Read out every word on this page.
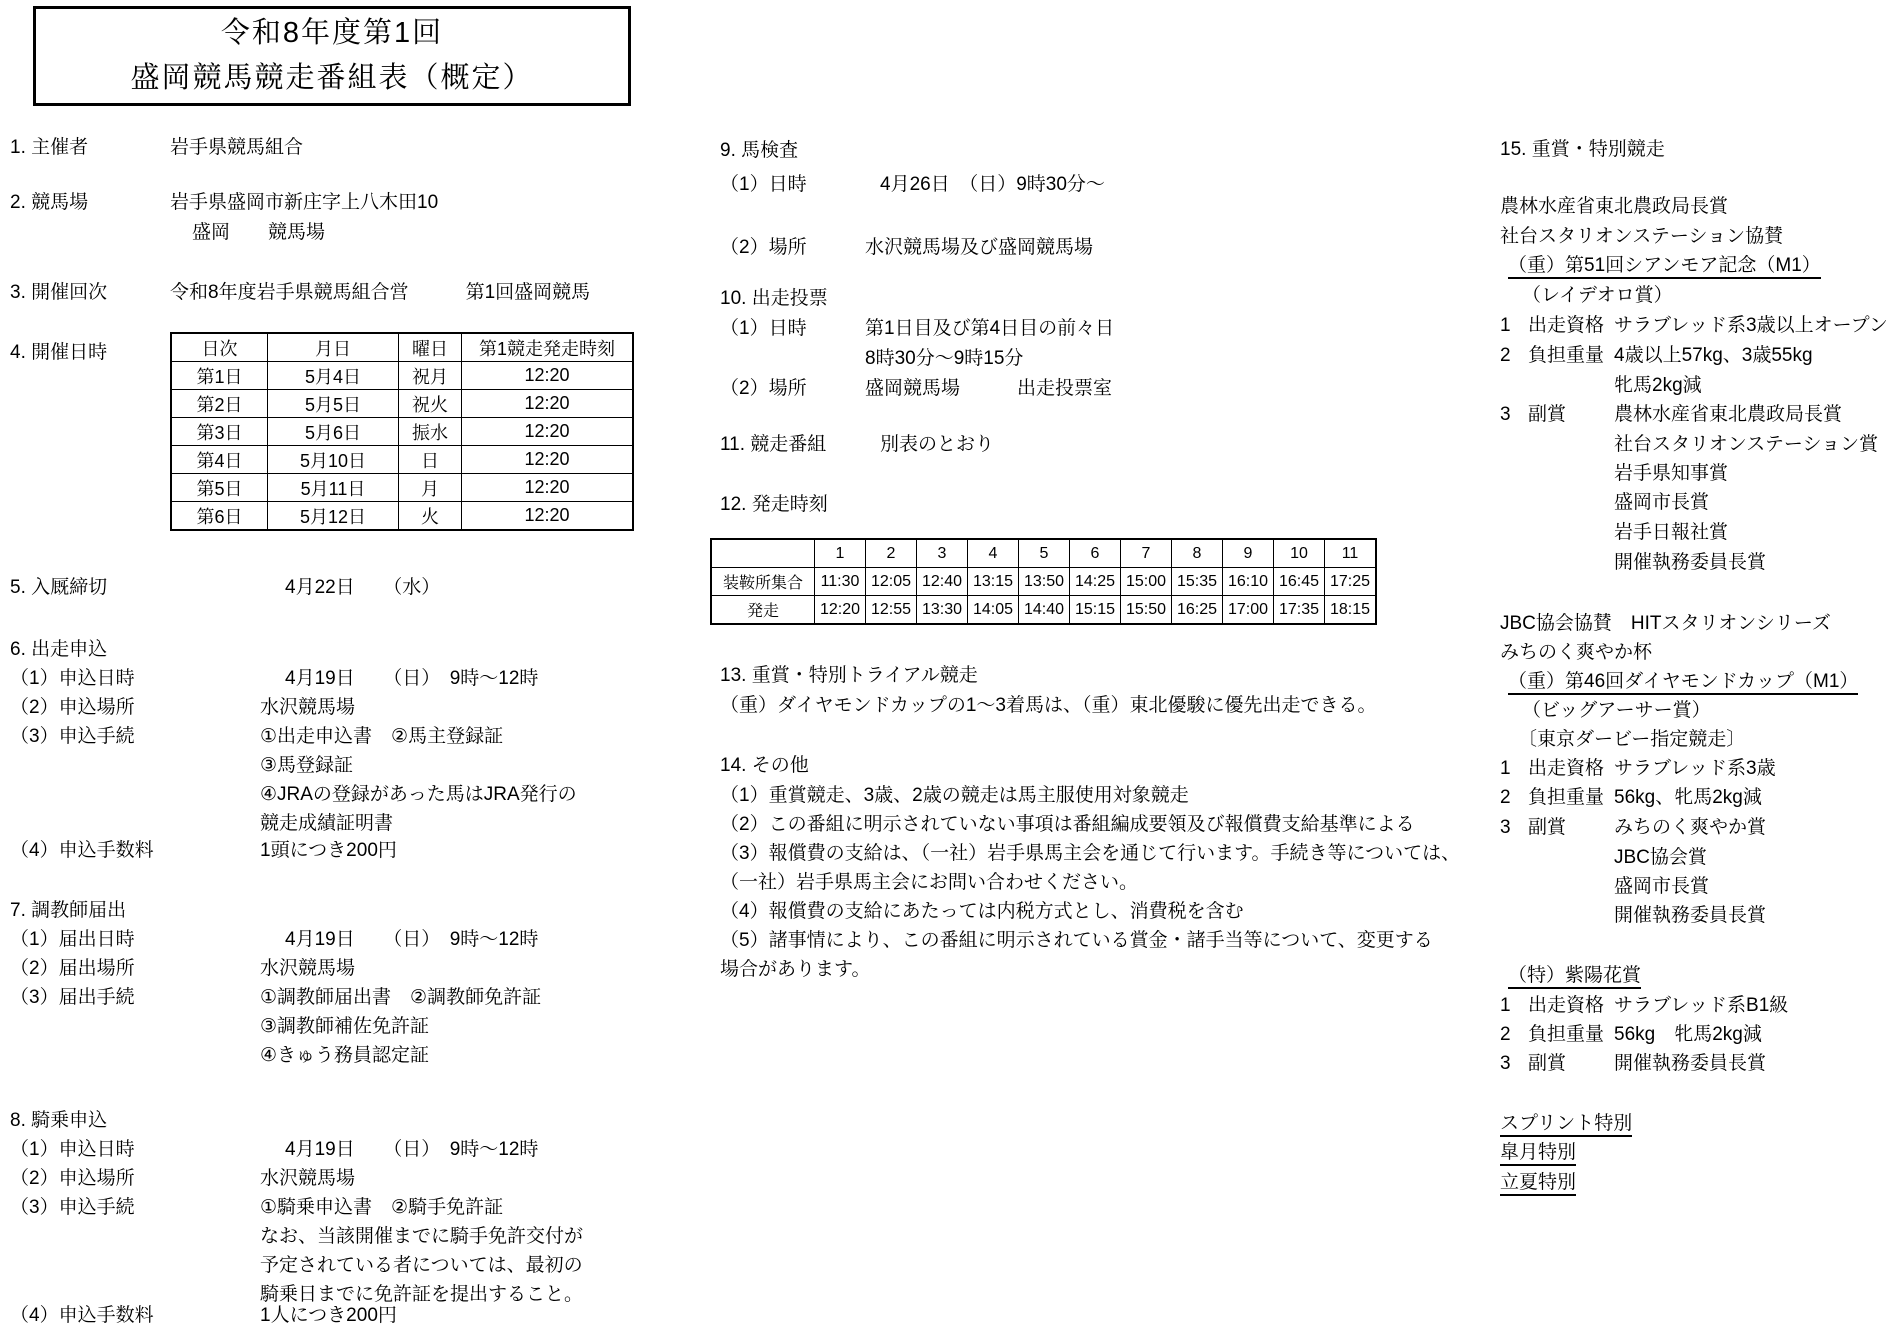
令和8年度第1回
盛岡競馬競走番組表（概定）
1. 主催者	岩手県競馬組合
2. 競馬場	岩手県盛岡市新庄字上八木田10
盛岡　　競馬場
3. 開催回次	令和8年度岩手県競馬組合営　　　第1回盛岡競馬
4. 開催日時	日次	月日	曜日	第1競走発走時刻
第1日	5月4日	祝月	12:20
第2日	5月5日	祝火	12:20
第3日	5月6日	振水	12:20
第4日	5月10日	日	12:20
第5日	5月11日	月	12:20
第6日	5月12日	火	12:20
5. 入厩締切	4月22日　　（水）
6. 出走申込
（1）申込日時	4月19日　　（日）　9時～12時
（2）申込場所	水沢競馬場
（3）申込手続	①出走申込書　②馬主登録証
③馬登録証
④JRAの登録があった馬はJRA発行の
競走成績証明書
（4）申込手数料	1頭につき200円
7. 調教師届出
（1）届出日時	4月19日　　（日）　9時～12時
（2）届出場所	水沢競馬場
（3）届出手続	①調教師届出書　②調教師免許証
③調教師補佐免許証
④きゅう務員認定証
8. 騎乗申込
（1）申込日時	4月19日　　（日）　9時～12時
（2）申込場所	水沢競馬場
（3）申込手続	①騎乗申込書　②騎手免許証
なお、当該開催までに騎手免許交付が
予定されている者については、最初の
騎乗日までに免許証を提出すること。
（4）申込手数料	1人につき200円
9. 馬検査
（1）日時	4月26日　（日）9時30分～
（2）場所	水沢競馬場及び盛岡競馬場
10. 出走投票
（1）日時	第1日目及び第4日目の前々日
8時30分～9時15分
（2）場所	盛岡競馬場　　　出走投票室
11. 競走番組	別表のとおり
12. 発走時刻
	1	2	3	4	5	6	7	8	9	10	11
装鞍所集合	11:30	12:05	12:40	13:15	13:50	14:25	15:00	15:35	16:10	16:45	17:25
発走	12:20	12:55	13:30	14:05	14:40	15:15	15:50	16:25	17:00	17:35	18:15
13. 重賞・特別トライアル競走
（重）ダイヤモンドカップの1～3着馬は、（重）東北優駿に優先出走できる。
14. その他
（1）重賞競走、3歳、2歳の競走は馬主服使用対象競走
（2）この番組に明示されていない事項は番組編成要領及び報償費支給基準による
（3）報償費の支給は、（一社）岩手県馬主会を通じて行います。手続き等については、
（一社）岩手県馬主会にお問い合わせください。
（4）報償費の支給にあたっては内税方式とし、消費税を含む
（5）諸事情により、この番組に明示されている賞金・諸手当等について、変更する
場合があります。
15. 重賞・特別競走
農林水産省東北農政局長賞
社台スタリオンステーション協賛
（重）第51回シアンモア記念（M1）
（レイデオロ賞）
1 出走資格 サラブレッド系3歳以上オープン
2 負担重量 4歳以上57kg、3歳55kg
牝馬2kg減
3 副賞	農林水産省東北農政局長賞
社台スタリオンステーション賞
岩手県知事賞
盛岡市長賞
岩手日報社賞
開催執務委員長賞
JBC協会協賛　HITスタリオンシリーズ
みちのく爽やか杯
（重）第46回ダイヤモンドカップ（M1）
（ビッグアーサー賞）
〔東京ダービー指定競走〕
1 出走資格 サラブレッド系3歳
2 負担重量 56kg、牝馬2kg減
3 副賞	みちのく爽やか賞
JBC協会賞
盛岡市長賞
開催執務委員長賞
（特）紫陽花賞
1 出走資格 サラブレッド系B1級
2 負担重量 56kg　牝馬2kg減
3 副賞	開催執務委員長賞
スプリント特別
皐月特別
立夏特別
